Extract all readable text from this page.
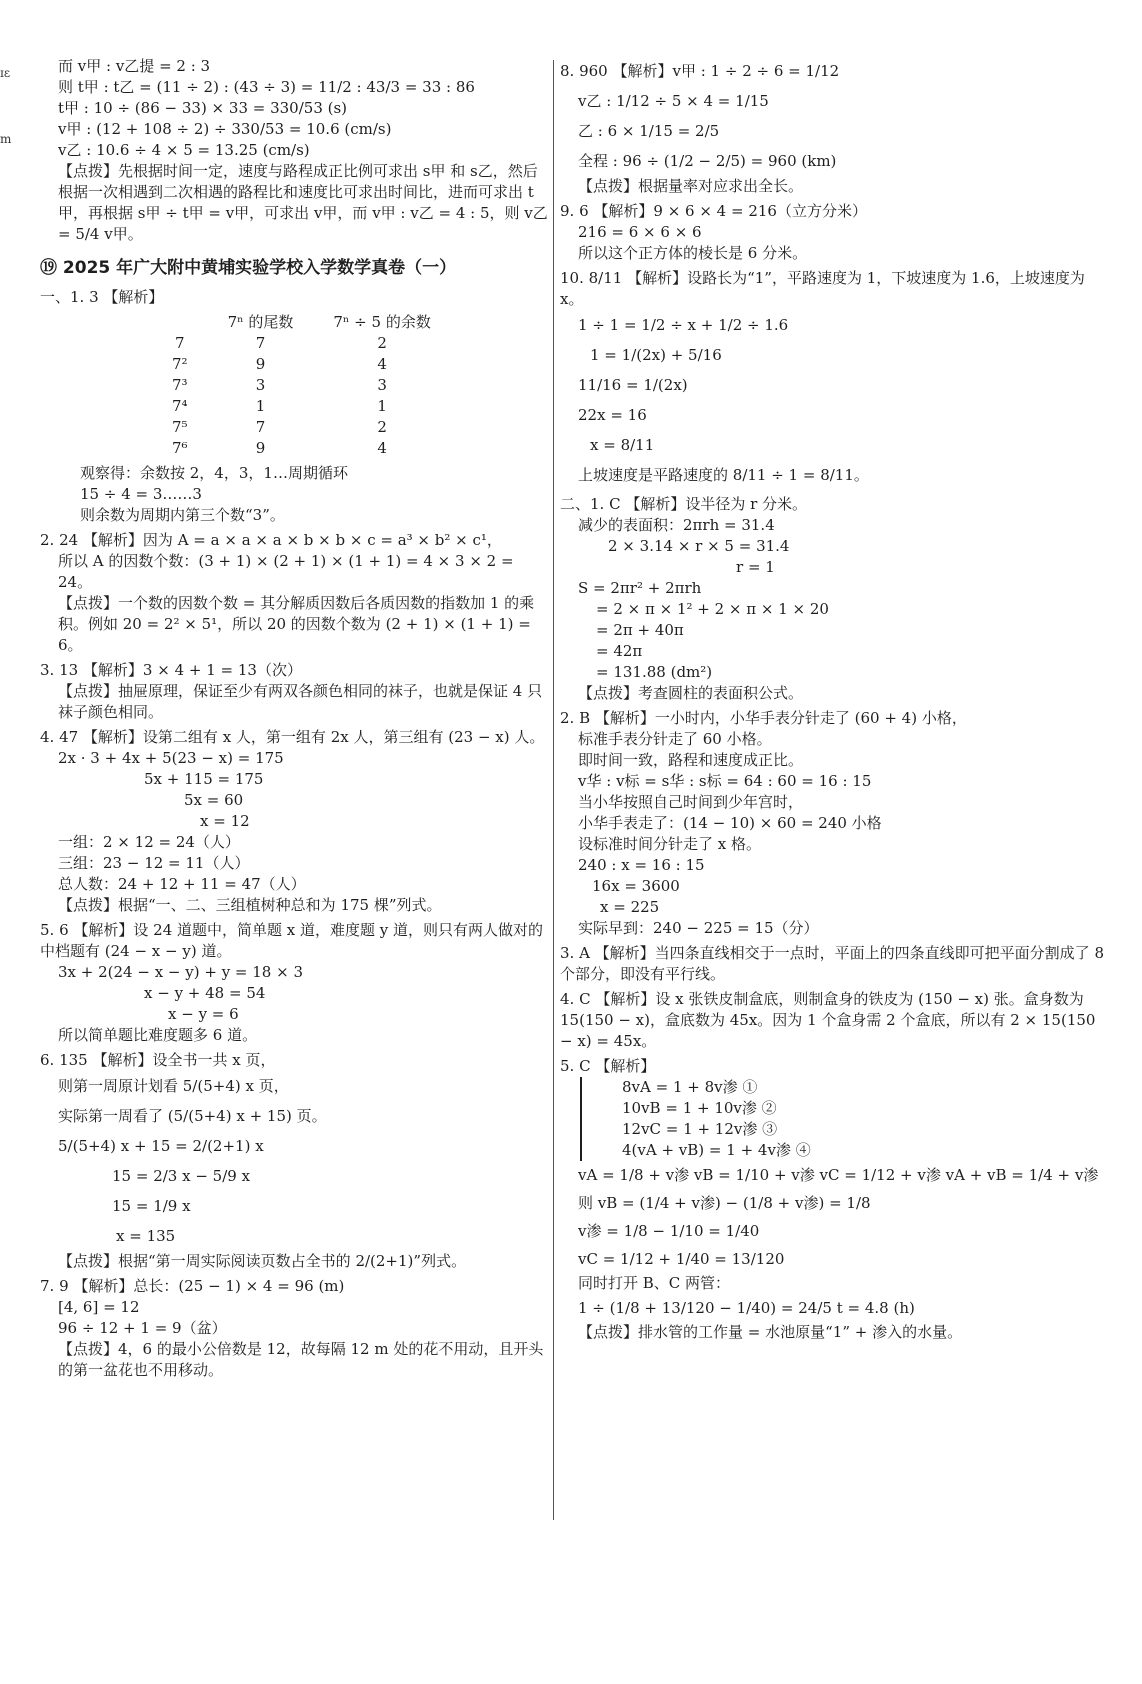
ɪɛ
m
而 v甲 : v乙提 = 2 : 3
则 t甲 : t乙 = (11 ÷ 2) : (43 ÷ 3) = 11/2 : 43/3 = 33 : 86
t甲 : 10 ÷ (86 − 33) × 33 = 330/53 (s)
v甲 : (12 + 108 ÷ 2) ÷ 330/53 = 10.6 (cm/s)
v乙 : 10.6 ÷ 4 × 5 = 13.25 (cm/s)
【点拨】先根据时间一定，速度与路程成正比例可求出 s甲 和 s乙，然后根据一次相遇到二次相遇的路程比和速度比可求出时间比，进而可求出 t甲，再根据 s甲 ÷ t甲 = v甲，可求出 v甲，而 v甲 : v乙 = 4 : 5，则 v乙 = 5/4 v甲。
⑲ 2025 年广大附中黄埔实验学校入学数学真卷（一）
一、1. 3 【解析】
	7ⁿ 的尾数	7ⁿ ÷ 5 的余数
7	7	2
7²	9	4
7³	3	3
7⁴	1	1
7⁵	7	2
7⁶	9	4
观察得：余数按 2，4，3，1…周期循环
15 ÷ 4 = 3……3
则余数为周期内第三个数“3”。
2. 24 【解析】因为 A = a × a × a × b × b × c = a³ × b² × c¹，
所以 A 的因数个数：(3 + 1) × (2 + 1) × (1 + 1) = 4 × 3 × 2 = 24。
【点拨】一个数的因数个数 = 其分解质因数后各质因数的指数加 1 的乘积。例如 20 = 2² × 5¹，所以 20 的因数个数为 (2 + 1) × (1 + 1) = 6。
3. 13 【解析】3 × 4 + 1 = 13（次）
【点拨】抽屉原理，保证至少有两双各颜色相同的袜子，也就是保证 4 只袜子颜色相同。
4. 47 【解析】设第二组有 x 人，第一组有 2x 人，第三组有 (23 − x) 人。
2x · 3 + 4x + 5(23 − x) = 175
5x + 115 = 175
5x = 60
x = 12
一组：2 × 12 = 24（人）
三组：23 − 12 = 11（人）
总人数：24 + 12 + 11 = 47（人）
【点拨】根据“一、二、三组植树种总和为 175 棵”列式。
5. 6 【解析】设 24 道题中，简单题 x 道，难度题 y 道，则只有两人做对的中档题有 (24 − x − y) 道。
3x + 2(24 − x − y) + y = 18 × 3
x − y + 48 = 54
x − y = 6
所以简单题比难度题多 6 道。
6. 135 【解析】设全书一共 x 页，
则第一周原计划看 5/(5+4) x 页，
实际第一周看了 (5/(5+4) x + 15) 页。
5/(5+4) x + 15 = 2/(2+1) x
15 = 2/3 x − 5/9 x
15 = 1/9 x
x = 135
【点拨】根据“第一周实际阅读页数占全书的 2/(2+1)”列式。
7. 9 【解析】总长：(25 − 1) × 4 = 96 (m)
[4, 6] = 12
96 ÷ 12 + 1 = 9（盆）
【点拨】4，6 的最小公倍数是 12，故每隔 12 m 处的花不用动，且开头的第一盆花也不用移动。
8. 960 【解析】v甲 : 1 ÷ 2 ÷ 6 = 1/12
v乙 : 1/12 ÷ 5 × 4 = 1/15
乙 : 6 × 1/15 = 2/5
全程 : 96 ÷ (1/2 − 2/5) = 960 (km)
【点拨】根据量率对应求出全长。
9. 6 【解析】9 × 6 × 4 = 216（立方分米）
216 = 6 × 6 × 6
所以这个正方体的棱长是 6 分米。
10. 8/11 【解析】设路长为“1”，平路速度为 1，下坡速度为 1.6，上坡速度为 x。
1 ÷ 1 = 1/2 ÷ x + 1/2 ÷ 1.6
1 = 1/(2x) + 5/16
11/16 = 1/(2x)
22x = 16
x = 8/11
上坡速度是平路速度的 8/11 ÷ 1 = 8/11。
二、1. C 【解析】设半径为 r 分米。
减少的表面积：2πrh = 31.4
2 × 3.14 × r × 5 = 31.4
r = 1
S = 2πr² + 2πrh
= 2 × π × 1² + 2 × π × 1 × 20
= 2π + 40π
= 42π
= 131.88 (dm²)
【点拨】考查圆柱的表面积公式。
2. B 【解析】一小时内，小华手表分针走了 (60 + 4) 小格，
标准手表分针走了 60 小格。
即时间一致，路程和速度成正比。
v华 : v标 = s华 : s标 = 64 : 60 = 16 : 15
当小华按照自己时间到少年宫时，
小华手表走了：(14 − 10) × 60 = 240 小格
设标准时间分针走了 x 格。
240 : x = 16 : 15
16x = 3600
x = 225
实际早到：240 − 225 = 15（分）
3. A 【解析】当四条直线相交于一点时，平面上的四条直线即可把平面分割成了 8 个部分，即没有平行线。
4. C 【解析】设 x 张铁皮制盒底，则制盒身的铁皮为 (150 − x) 张。盒身数为 15(150 − x)，盒底数为 45x。因为 1 个盒身需 2 个盒底，所以有 2 × 15(150 − x) = 45x。
5. C 【解析】
8vA = 1 + 8v渗 ①
10vB = 1 + 10v渗 ②
12vC = 1 + 12v渗 ③
4(vA + vB) = 1 + 4v渗 ④
vA = 1/8 + v渗 vB = 1/10 + v渗 vC = 1/12 + v渗 vA + vB = 1/4 + v渗
则 vB = (1/4 + v渗) − (1/8 + v渗) = 1/8
v渗 = 1/8 − 1/10 = 1/40
vC = 1/12 + 1/40 = 13/120
同时打开 B、C 两管：
1 ÷ (1/8 + 13/120 − 1/40) = 24/5 t = 4.8 (h)
【点拨】排水管的工作量 = 水池原量“1” + 渗入的水量。
